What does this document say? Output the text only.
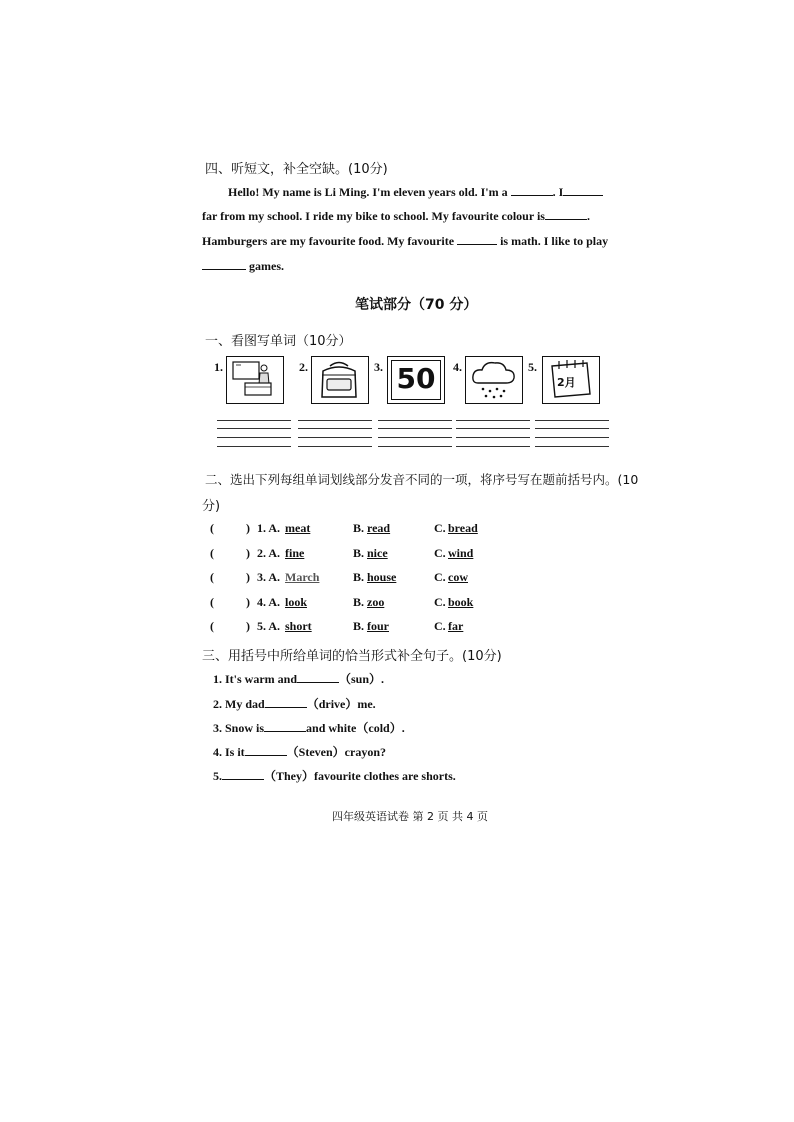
四、听短文，补全空缺。(10分)
Hello! My name is Li Ming. I'm eleven years old. I'm a	. I
far from my school. I ride my bike to school. My favourite colour is	.
Hamburgers are my favourite food. My favourite	is math. I like to play
games.
笔试部分（70 分）
一、看图写单词（10分）
1.	2.	3. 50	4.	5.
2月
二、选出下列每组单词划线部分发音不同的一项，将序号写在题前括号内。(10
分)
(	) 1. A. meat	B. read	C. bread
(	) 2. A. fine	B. nice	C. wind
(	) 3. A. March	B. house	C. cow
(	) 4. A. look	B. zoo	C. book
(	) 5. A. short	B. four	C. far
三、用括号中所给单词的恰当形式补全句子。(10分)
1. It's warm and	（sun）.
2. My dad	（drive）me.
3. Snow is	and white（cold）.
4. Is it	（Steven）crayon?
5.	（They）favourite clothes are shorts.
四年级英语试卷 第 2 页 共 4 页
